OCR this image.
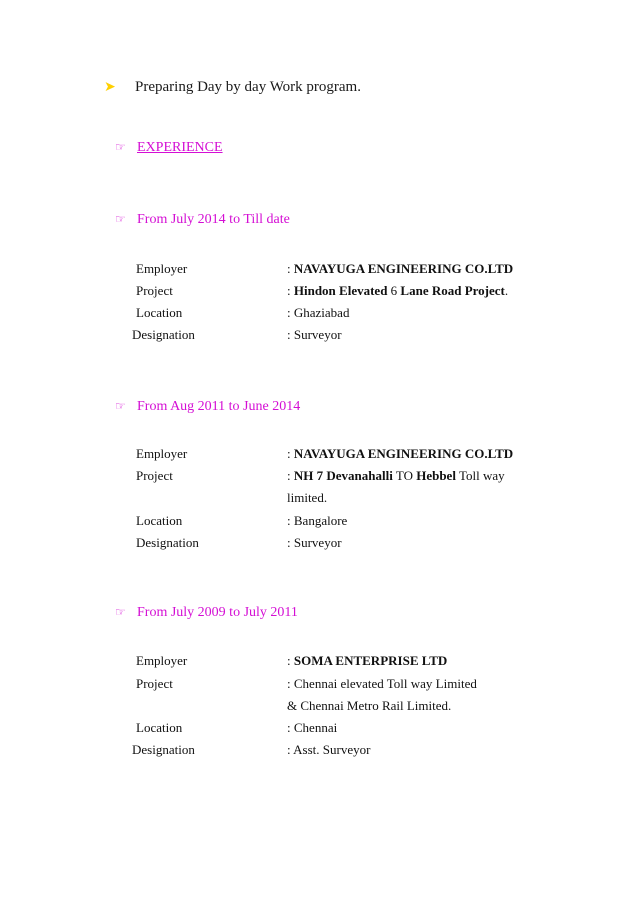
➤	Preparing Day by day Work program.
☞ EXPERIENCE
☞ From July 2014 to Till date
Employer	: NAVAYUGA ENGINEERING CO.LTD
Project	: Hindon Elevated 6 Lane Road Project.
Location	: Ghaziabad
Designation	: Surveyor
☞ From Aug 2011 to June 2014
Employer	: NAVAYUGA ENGINEERING CO.LTD
Project	: NH 7 Devanahalli TO Hebbel Toll way
limited.
Location	: Bangalore
Designation	: Surveyor
☞ From July 2009 to July 2011
Employer	: SOMA ENTERPRISE LTD
Project	: Chennai elevated Toll way Limited
& Chennai Metro Rail Limited.
Location	: Chennai
Designation	: Asst. Surveyor
